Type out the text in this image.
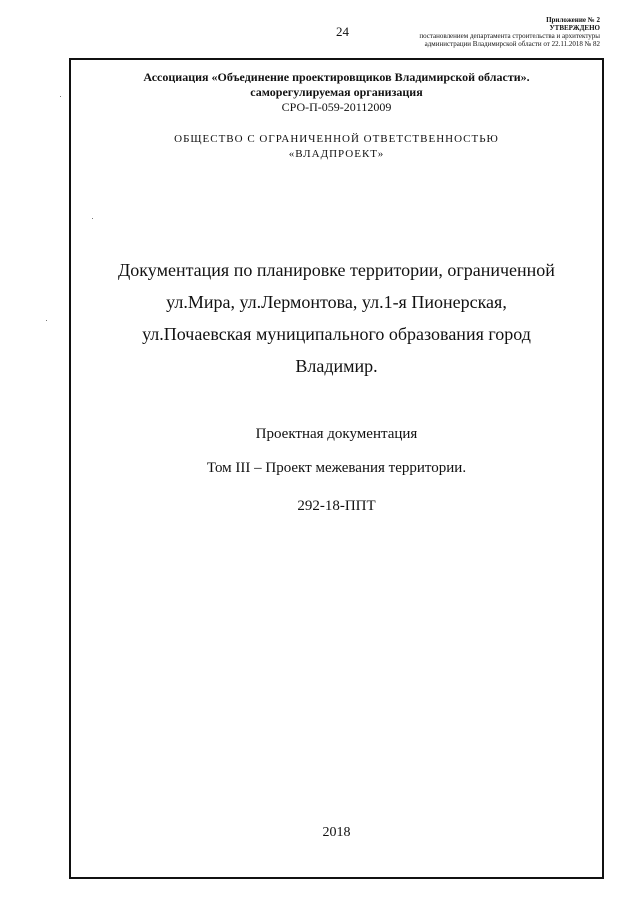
24
Приложение № 2
УТВЕРЖДЕНО
постановлением департамента строительства и архитектуры
администрации Владимирской области от 22.11.2018 № 82
Ассоциация «Объединение проектировщиков Владимирской области».
саморегулируемая организация
СРО-П-059-20112009
ОБЩЕСТВО С ОГРАНИЧЕННОЙ ОТВЕТСТВЕННОСТЬЮ
«ВЛАДПРОЕКТ»
Документация по планировке территории, ограниченной
ул.Мира, ул.Лермонтова, ул.1-я Пионерская,
ул.Почаевская муниципального образования город
Владимир.
Проектная документация
Том III – Проект межевания территории.
292-18-ППТ
2018
